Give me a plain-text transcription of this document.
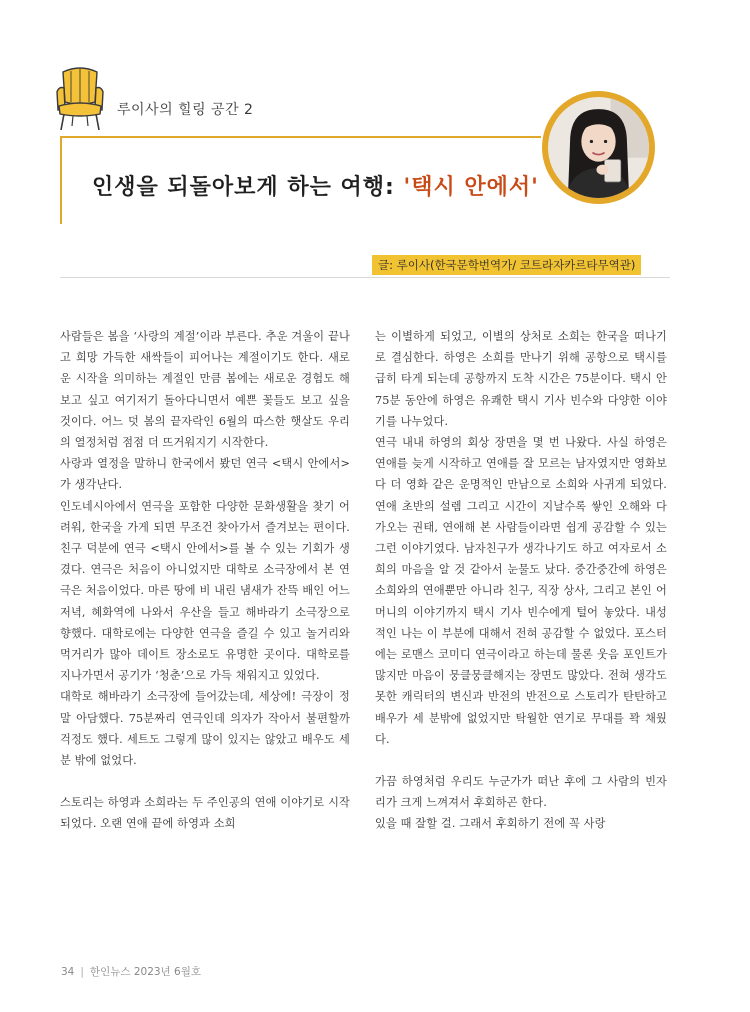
루이사의 힐링 공간 2
인생을 되돌아보게 하는 여행: '택시 안에서'
글: 루이사(한국문학번역가/ 코트라자카르타무역관)

사람들은 봄을 ‘사랑의 계절’이라 부른다. 추운 겨울이 끝나고 희망 가득한 새싹들이 피어나는 계절이기도 한다. 새로운 시작을 의미하는 계절인 만큼 봄에는 새로운 경험도 해보고 싶고 여기저기 돌아다니면서 예쁜 꽃들도 보고 싶을 것이다. 어느 덧 봄의 끝자락인 6월의 따스한 햇살도 우리의 열정처럼 점점 더 뜨거워지기 시작한다.

사랑과 열정을 말하니 한국에서 봤던 연극 <택시 안에서>가 생각난다.

인도네시아에서 연극을 포함한 다양한 문화생활을 찾기 어려워, 한국을 가게 되면 무조건 찾아가서 즐겨보는 편이다. 친구 덕분에 연극 <택시 안에서>를 볼 수 있는 기회가 생겼다. 연극은 처음이 아니었지만 대학로 소극장에서 본 연극은 처음이었다. 마른 땅에 비 내린 냄새가 잔뜩 배인 어느 저녁, 혜화역에 나와서 우산을 들고 해바라기 소극장으로 향했다. 대학로에는 다양한 연극을 즐길 수 있고 놀거리와 먹거리가 많아 데이트 장소로도 유명한 곳이다. 대학로를 지나가면서 공기가 ‘청춘’으로 가득 채워지고 있었다.

대학로 해바라기 소극장에 들어갔는데, 세상에! 극장이 정말 아담했다. 75분짜리 연극인데 의자가 작아서 불편할까 걱정도 했다. 세트도 그렇게 많이 있지는 않았고 배우도 세 분 밖에 없었다.

스토리는 하영과 소희라는 두 주인공의 연애 이야기로 시작되었다. 오랜 연애 끝에 하영과 소희

는 이별하게 되었고, 이별의 상처로 소희는 한국을 떠나기로 결심한다. 하영은 소희를 만나기 위해 공항으로 택시를 급히 타게 되는데 공항까지 도착 시간은 75분이다. 택시 안 75분 동안에 하영은 유쾌한 택시 기사 빈수와 다양한 이야기를 나누었다.

연극 내내 하영의 회상 장면을 몇 번 나왔다. 사실 하영은 연애를 늦게 시작하고 연애를 잘 모르는 남자였지만 영화보다 더 영화 같은 운명적인 만남으로 소희와 사귀게 되었다. 연애 초반의 설렘 그리고 시간이 지날수록 쌓인 오해와 다가오는 권태, 연애해 본 사람들이라면 쉽게 공감할 수 있는 그런 이야기였다. 남자친구가 생각나기도 하고 여자로서 소희의 마음을 알 것 같아서 눈물도 났다. 중간중간에 하영은 소희와의 연애뿐만 아니라 친구, 직장 상사, 그리고 본인 어머니의 이야기까지 택시 기사 빈수에게 털어 놓았다. 내성적인 나는 이 부분에 대해서 전혀 공감할 수 없었다. 포스터에는 로맨스 코미디 연극이라고 하는데 물론 웃음 포인트가 많지만 마음이 뭉클뭉클해지는 장면도 많았다. 전혀 생각도 못한 캐릭터의 변신과 반전의 반전으로 스토리가 탄탄하고 배우가 세 분밖에 없었지만 탁월한 연기로 무대를 꽉 채웠다.

가끔 하영처럼 우리도 누군가가 떠난 후에 그 사람의 빈자리가 크게 느껴져서 후회하곤 한다.

있을 때 잘할 걸. 그래서 후회하기 전에 꼭 사랑

34 | 한인뉴스 2023년 6월호
